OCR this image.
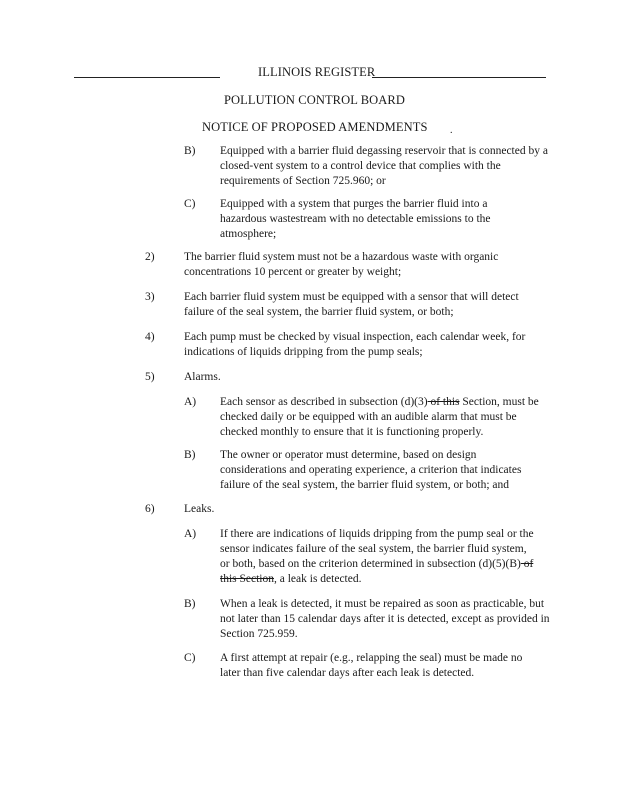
ILLINOIS REGISTER
POLLUTION CONTROL BOARD
NOTICE OF PROPOSED AMENDMENTS .
B) Equipped with a barrier fluid degassing reservoir that is connected by a closed-vent system to a control device that complies with the requirements of Section 725.960; or
C) Equipped with a system that purges the barrier fluid into a hazardous wastestream with no detectable emissions to the atmosphere;
2)	The barrier fluid system must not be a hazardous waste with organic concentrations 10 percent or greater by weight;
3)	Each barrier fluid system must be equipped with a sensor that will detect failure of the seal system, the barrier fluid system, or both;
4)	Each pump must be checked by visual inspection, each calendar week, for indications of liquids dripping from the pump seals;
5)	Alarms.
A) Each sensor as described in subsection (d)(3) of this Section, must be checked daily or be equipped with an audible alarm that must be checked monthly to ensure that it is functioning properly.
B) The owner or operator must determine, based on design considerations and operating experience, a criterion that indicates failure of the seal system, the barrier fluid system, or both; and
6)	Leaks.
A) If there are indications of liquids dripping from the pump seal or the sensor indicates failure of the seal system, the barrier fluid system, or both, based on the criterion determined in subsection (d)(5)(B) of this Section, a leak is detected.
B) When a leak is detected, it must be repaired as soon as practicable, but not later than 15 calendar days after it is detected, except as provided in Section 725.959.
C) A first attempt at repair (e.g., relapping the seal) must be made no later than five calendar days after each leak is detected.
